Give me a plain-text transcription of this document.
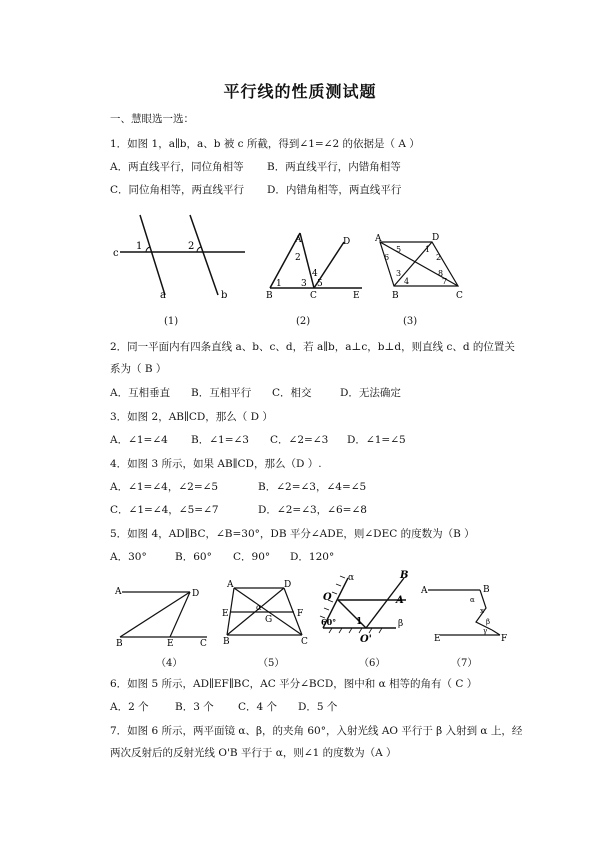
平行线的性质测试题
一、慧眼选一选：
1．如图 1，a∥b，a、b 被 c 所截，得到∠1=∠2 的依据是（ A ）
A．两直线平行，同位角相等 B．两直线平行，内错角相等
C．同位角相等，两直线平行 D．内错角相等，两直线平行
c
1	2
a	b
(1)
A	D
2
4
1 3 5
B	C	E
(2)
A	D
5	1
6	2
3	8
4	7
B	C
(3)
2．同一平面内有四条直线 a、b、c、d，若 a∥b，a⊥c，b⊥d，则直线 c、d 的位置关
系为（ B ）
A．互相垂直 B．互相平行 C．相交	D．无法确定
3．如图 2，AB∥CD，那么（ D ）
A．∠1=∠4 B．∠1=∠3 C．∠2=∠3 D．∠1=∠5
4．如图 3 所示，如果 AB∥CD，那么（D ）.
A．∠1=∠4，∠2=∠5	B．∠2=∠3，∠4=∠5
C．∠1=∠4，∠5=∠7	D．∠2=∠3，∠6=∠8
5．如图 4，AD∥BC，∠B=30°，DB 平分∠ADE，则∠DEC 的度数为（B ）
A．30°	B．60° C．90° D．120°
A	D
B	E	C
（4）
A	D
E
α
F
G
B	C
（5）
α	B
O	A
1
60°	β
O'
（6）
A	B
α
x
β
E
γ
F
（7）
6．如图 5 所示，AD∥EF∥BC，AC 平分∠BCD，图中和 α 相等的角有（ C ）
A．2 个	B．3 个 C．4 个 D．5 个
7．如图 6 所示，两平面镜 α、β，的夹角 60°，入射光线 AO 平行于 β 入射到 α 上，经
两次反射后的反射光线 O'B 平行于 α，则∠1 的度数为（A ）
